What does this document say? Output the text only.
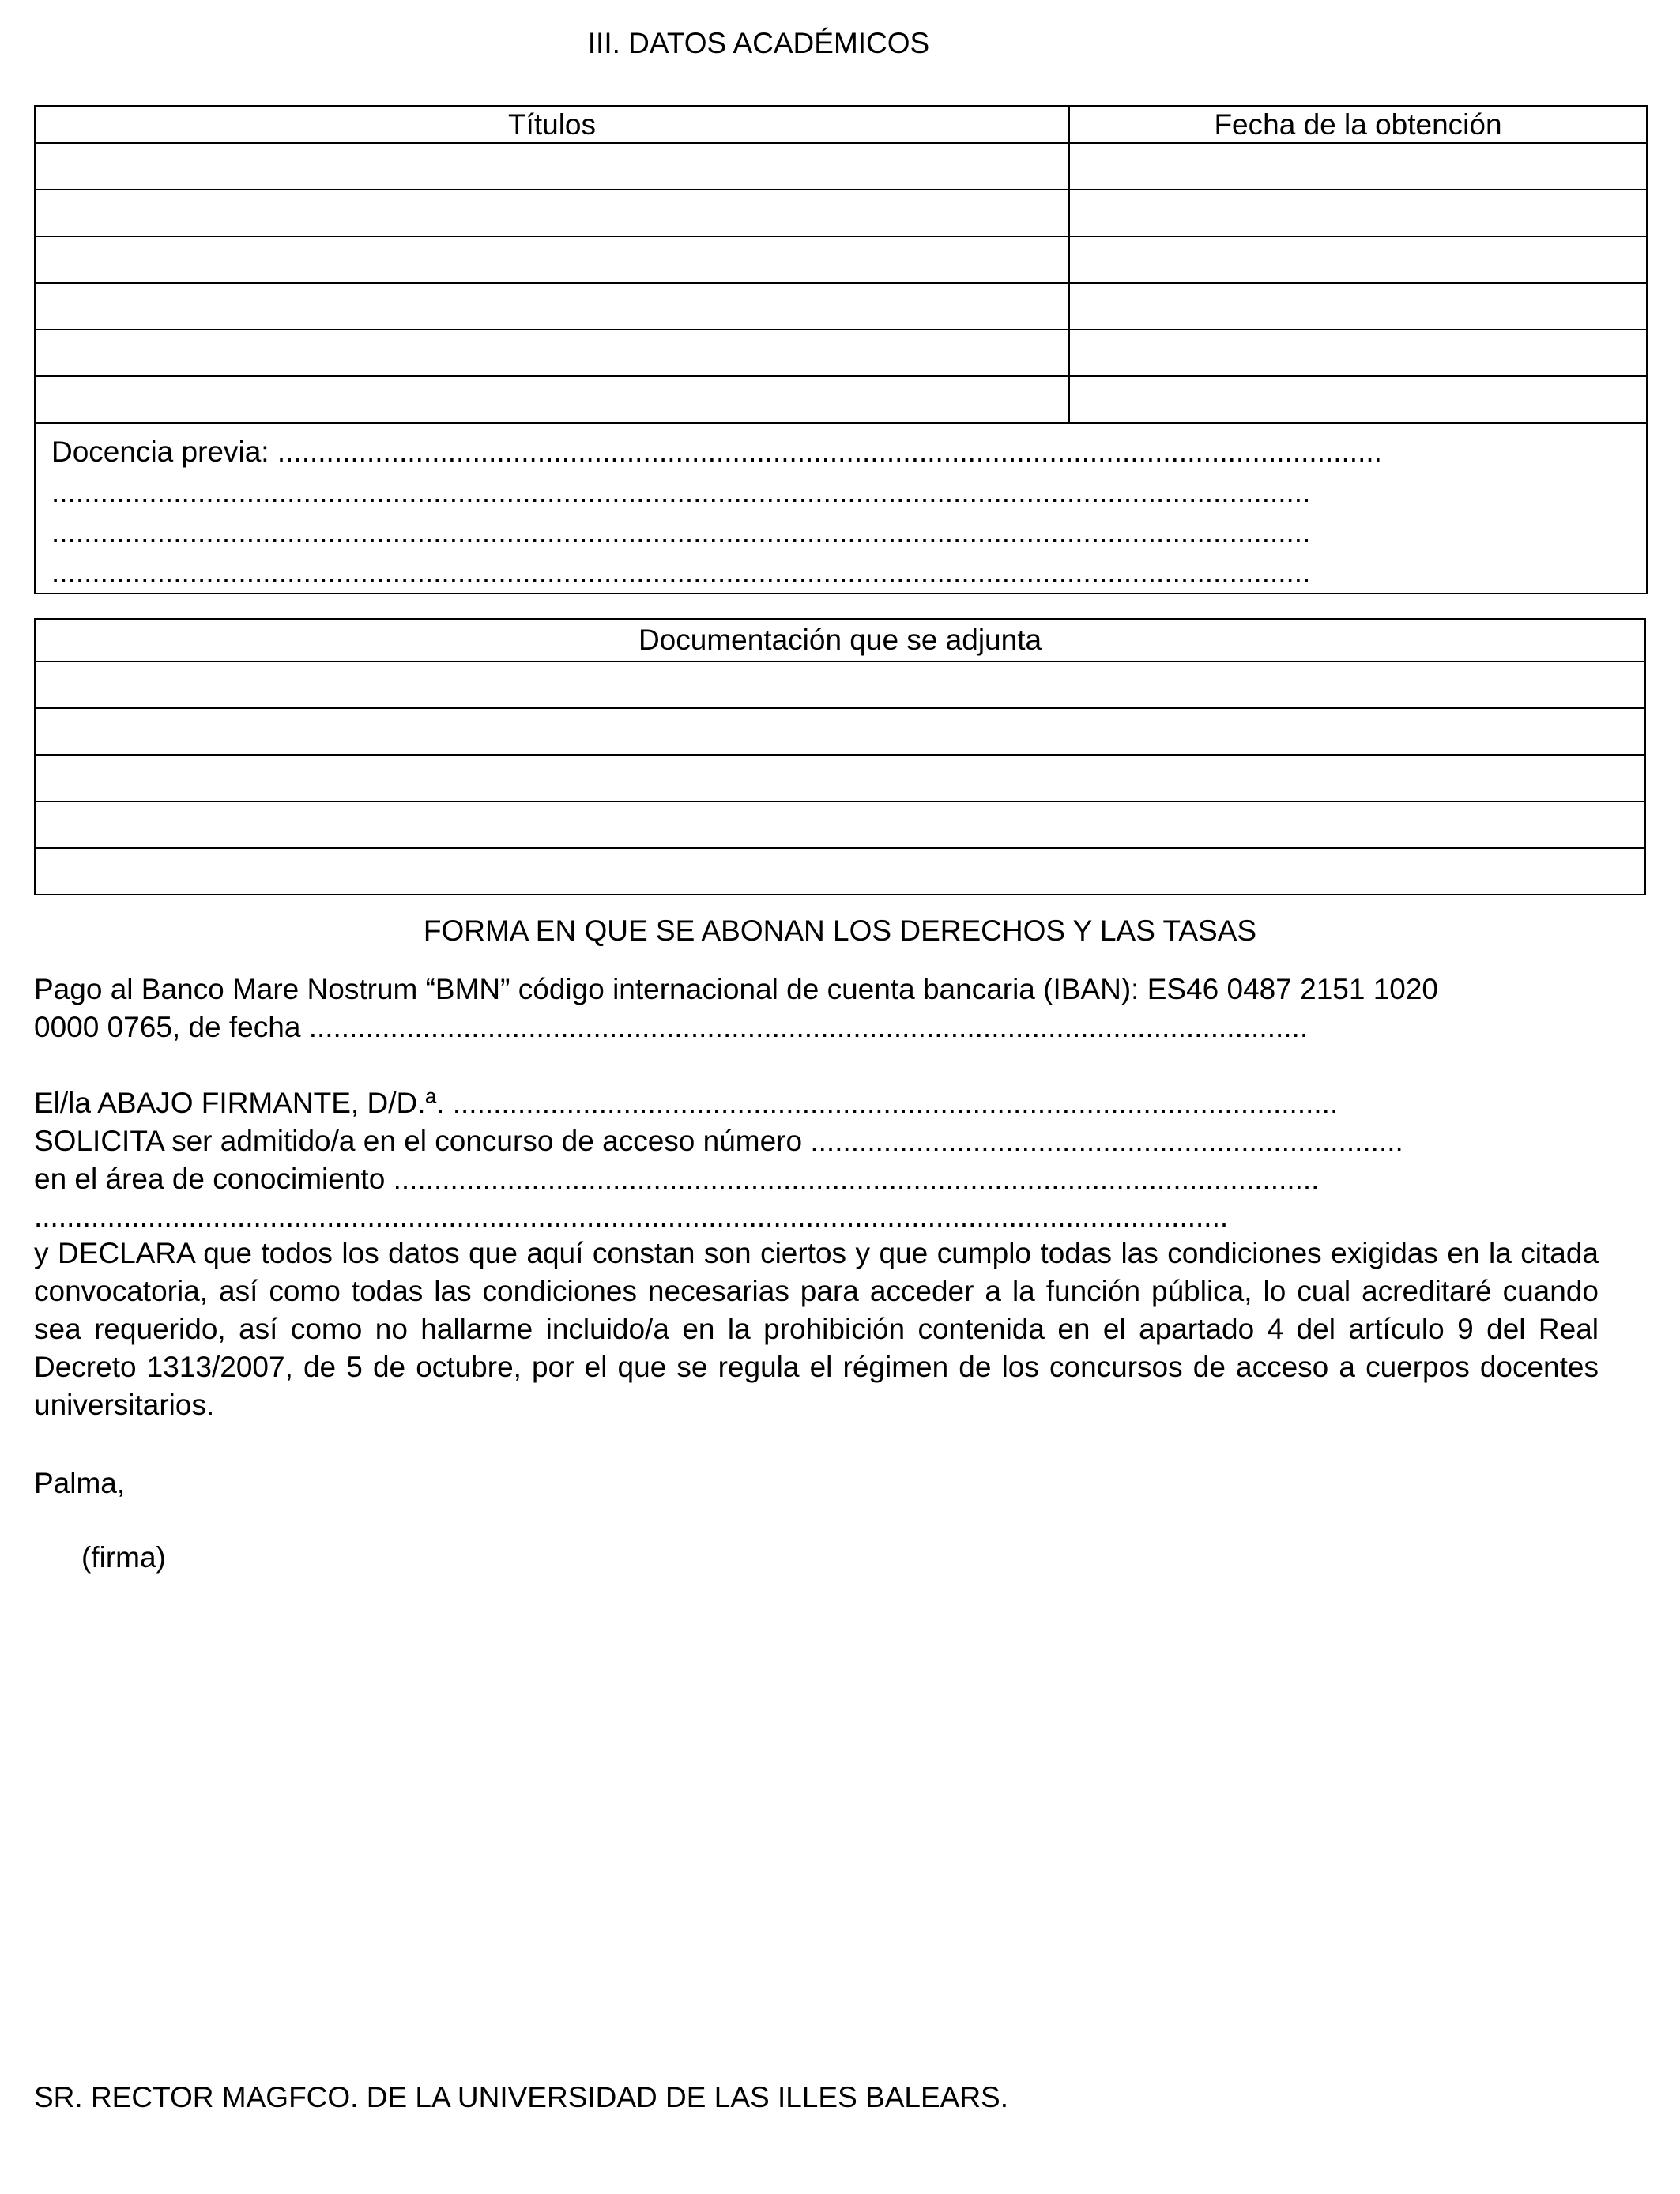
III. DATOS ACADÉMICOS
Títulos	Fecha de la obtención

Docencia previa: ........................................................................................................................................
...........................................................................................................................................................
...........................................................................................................................................................
...........................................................................................................................................................	
Documentación que se adjunta

FORMA EN QUE SE ABONAN LOS DERECHOS Y LAS TASAS
Pago al Banco Mare Nostrum “BMN” código internacional de cuenta bancaria (IBAN): ES46 0487 2151 1020
0000 0765, de fecha ...........................................................................................................................
El/la ABAJO FIRMANTE, D/D.ª. .............................................................................................................
SOLICITA ser admitido/a en el concurso de acceso número .........................................................................
en el área de conocimiento ..................................................................................................................
...................................................................................................................................................
y DECLARA que todos los datos que aquí constan son ciertos y que cumplo todas las condiciones exigidas en la citada convocatoria, así como todas las condiciones necesarias para acceder a la función pública, lo cual acreditaré cuando sea requerido, así como no hallarme incluido/a en la prohibición contenida en el apartado 4 del artículo 9 del Real Decreto 1313/2007, de 5 de octubre, por el que se regula el régimen de los concursos de acceso a cuerpos docentes universitarios.
Palma,
(firma)
SR. RECTOR MAGFCO. DE LA UNIVERSIDAD DE LAS ILLES BALEARS.
